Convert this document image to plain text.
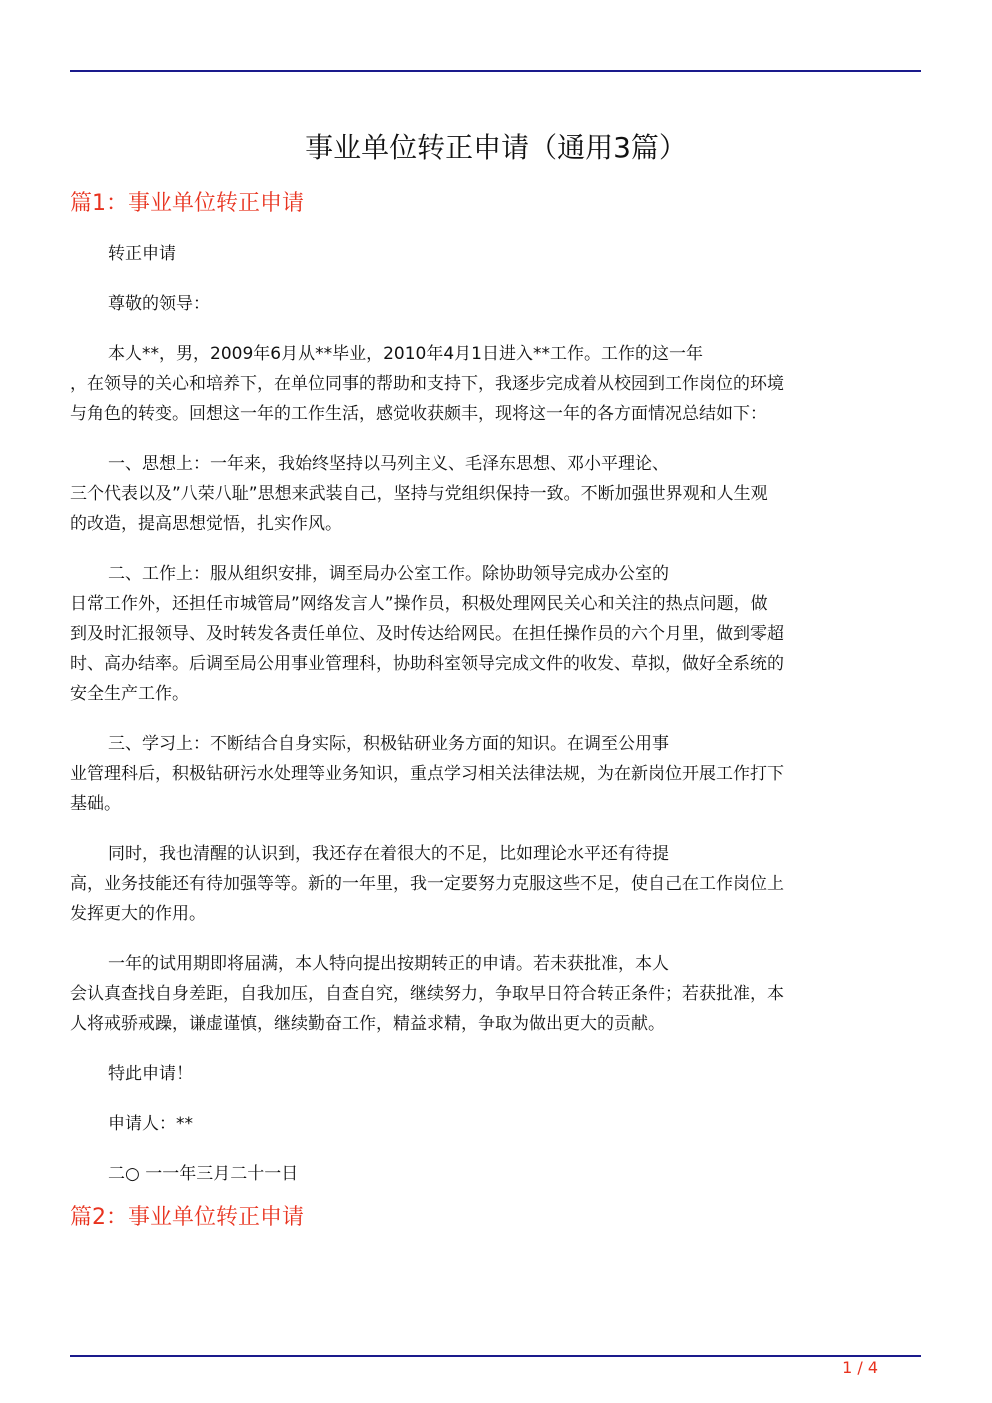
事业单位转正申请（通用3篇）
篇1：事业单位转正申请

转正申请

尊敬的领导：

本人**，男，2009年6月从**毕业，2010年4月1日进入**工作。工作的这一年
，在领导的关心和培养下，在单位同事的帮助和支持下，我逐步完成着从校园到工作岗位的环境
与角色的转变。回想这一年的工作生活，感觉收获颇丰，现将这一年的各方面情况总结如下：

一、思想上：一年来，我始终坚持以马列主义、毛泽东思想、邓小平理论、
三个代表以及”八荣八耻”思想来武装自己，坚持与党组织保持一致。不断加强世界观和人生观
的改造，提高思想觉悟，扎实作风。

二、工作上：服从组织安排，调至局办公室工作。除协助领导完成办公室的
日常工作外，还担任市城管局”网络发言人”操作员，积极处理网民关心和关注的热点问题，做
到及时汇报领导、及时转发各责任单位、及时传达给网民。在担任操作员的六个月里，做到零超
时、高办结率。后调至局公用事业管理科，协助科室领导完成文件的收发、草拟，做好全系统的
安全生产工作。

三、学习上：不断结合自身实际，积极钻研业务方面的知识。在调至公用事
业管理科后，积极钻研污水处理等业务知识，重点学习相关法律法规，为在新岗位开展工作打下
基础。

同时，我也清醒的认识到，我还存在着很大的不足，比如理论水平还有待提
高，业务技能还有待加强等等。新的一年里，我一定要努力克服这些不足，使自己在工作岗位上
发挥更大的作用。

一年的试用期即将届满，本人特向提出按期转正的申请。若未获批准，本人
会认真查找自身差距，自我加压，自查自究，继续努力，争取早日符合转正条件；若获批准，本
人将戒骄戒躁，谦虚谨慎，继续勤奋工作，精益求精，争取为做出更大的贡献。

特此申请！

申请人：**

二○ 一一年三月二十一日

篇2：事业单位转正申请
1 / 4
